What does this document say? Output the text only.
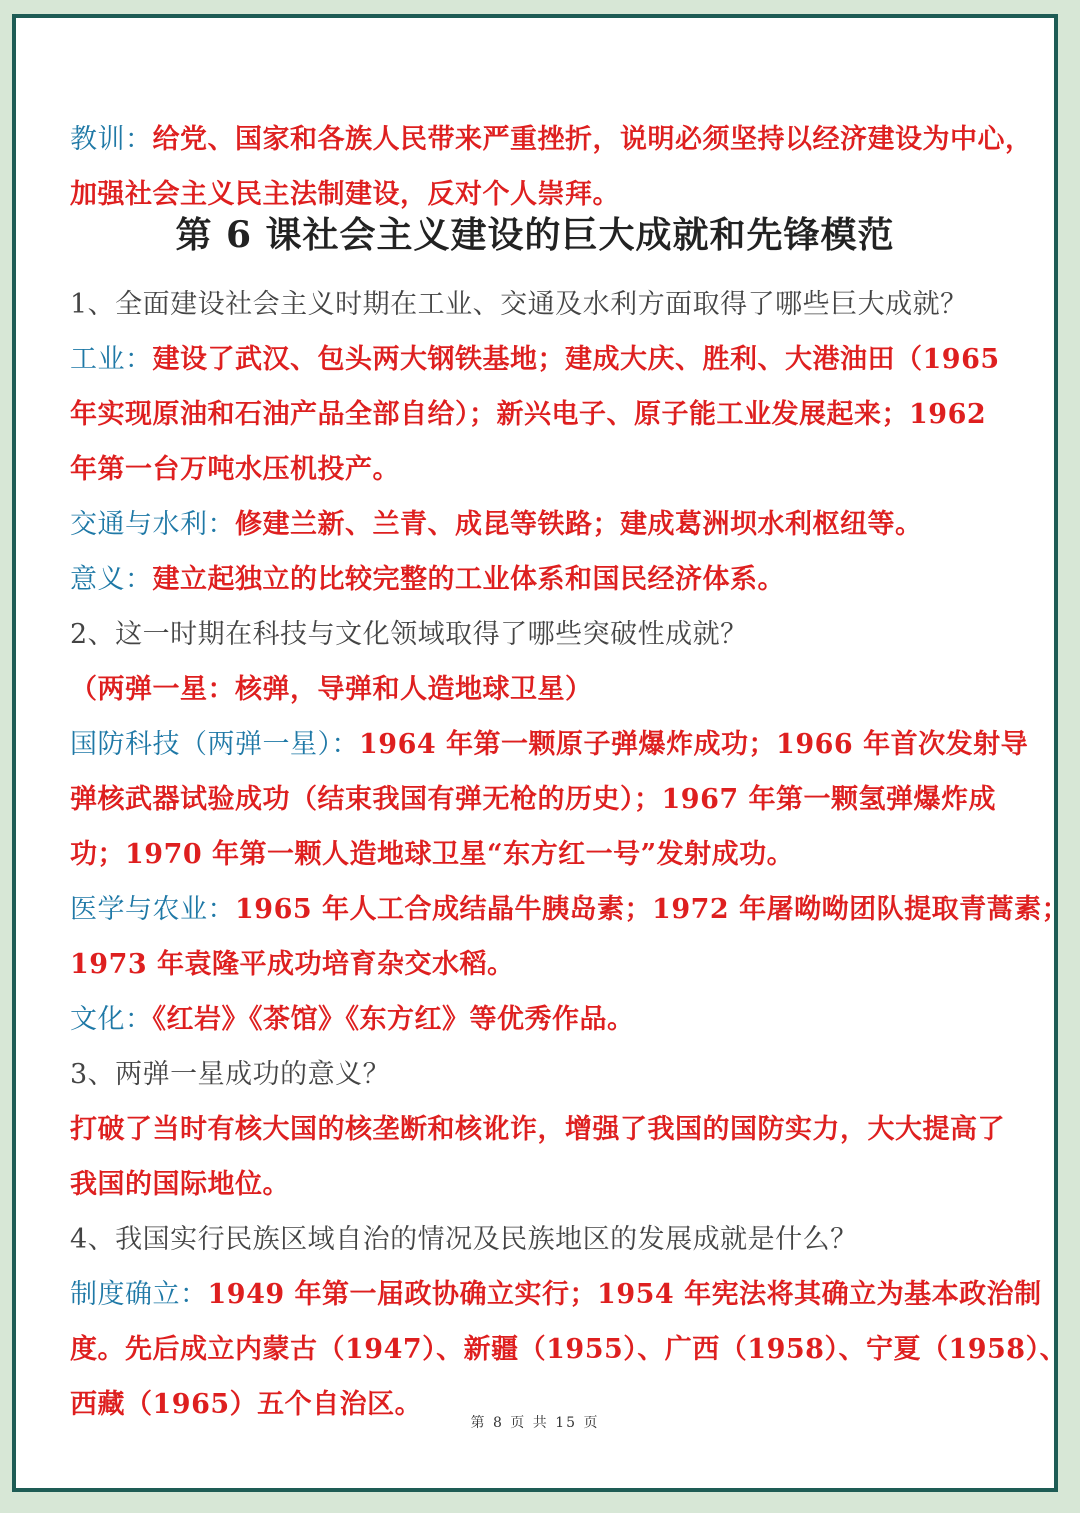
教训：给党、国家和各族人民带来严重挫折，说明必须坚持以经济建设为中心，
加强社会主义民主法制建设，反对个人崇拜。
第 6 课社会主义建设的巨大成就和先锋模范
1、全面建设社会主义时期在工业、交通及水利方面取得了哪些巨大成就？
工业：建设了武汉、包头两大钢铁基地；建成大庆、胜利、大港油田（1965
年实现原油和石油产品全部自给）；新兴电子、原子能工业发展起来；1962
年第一台万吨水压机投产。
交通与水利：修建兰新、兰青、成昆等铁路；建成葛洲坝水利枢纽等。
意义：建立起独立的比较完整的工业体系和国民经济体系。
2、这一时期在科技与文化领域取得了哪些突破性成就？
（两弹一星：核弹，导弹和人造地球卫星）
国防科技（两弹一星）：1964 年第一颗原子弹爆炸成功；1966 年首次发射导
弹核武器试验成功（结束我国有弹无枪的历史）；1967 年第一颗氢弹爆炸成
功；1970 年第一颗人造地球卫星“东方红一号”发射成功。
医学与农业：1965 年人工合成结晶牛胰岛素；1972 年屠呦呦团队提取青蒿素；
1973 年袁隆平成功培育杂交水稻。
文化：《红岩》《茶馆》《东方红》等优秀作品。
3、两弹一星成功的意义？
打破了当时有核大国的核垄断和核讹诈，增强了我国的国防实力，大大提高了
我国的国际地位。
4、我国实行民族区域自治的情况及民族地区的发展成就是什么？
制度确立：1949 年第一届政协确立实行；1954 年宪法将其确立为基本政治制
度。先后成立内蒙古（1947）、新疆（1955）、广西（1958）、宁夏（1958）、
西藏（1965）五个自治区。
第 8 页 共 15 页
